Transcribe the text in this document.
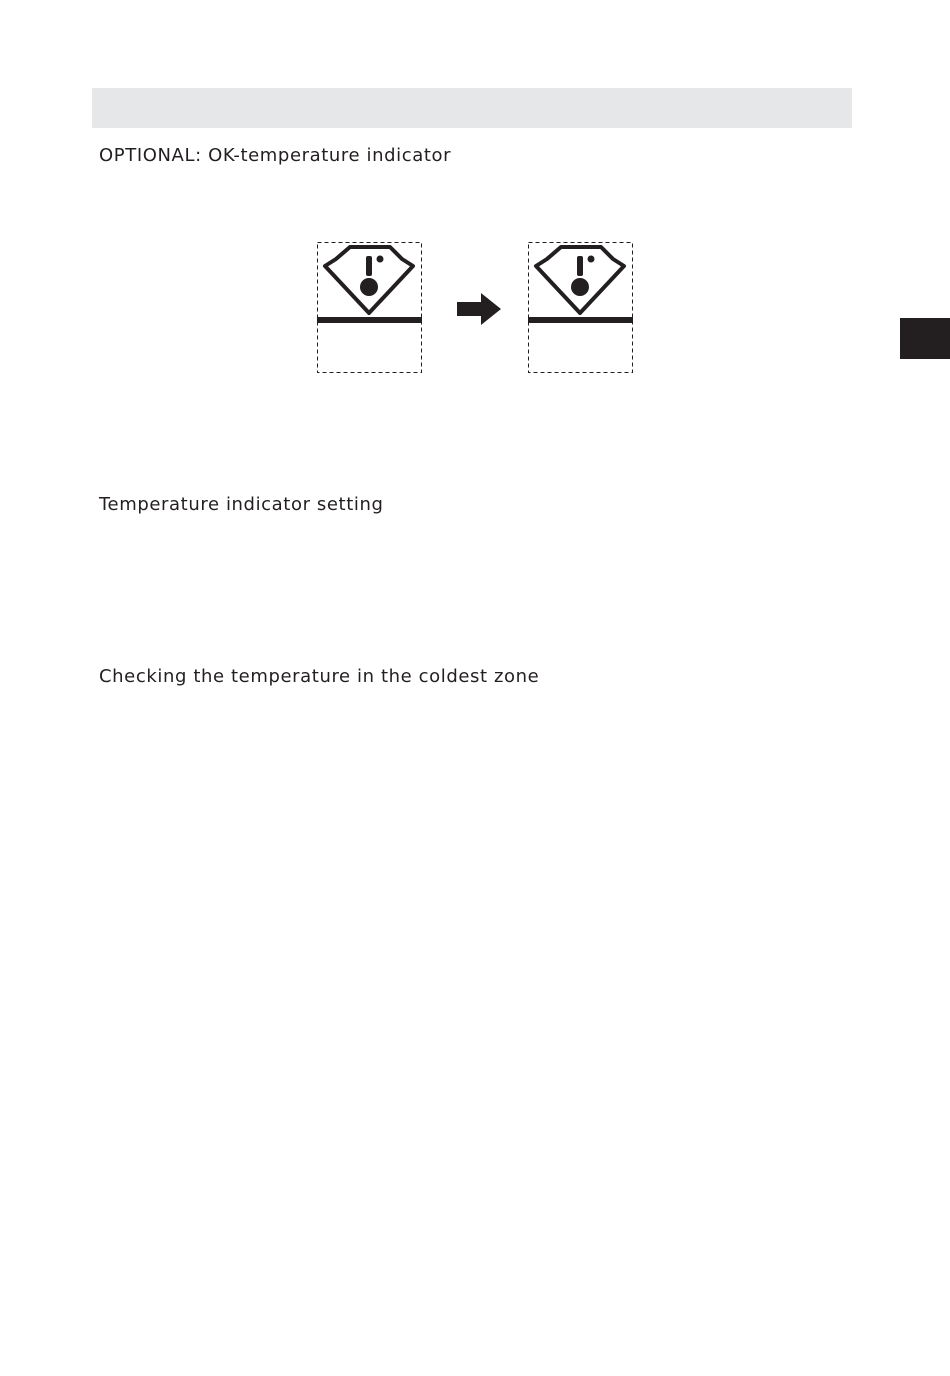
OPTIONAL: OK-temperature indicator
Temperature indicator setting
Checking the temperature in the coldest zone
